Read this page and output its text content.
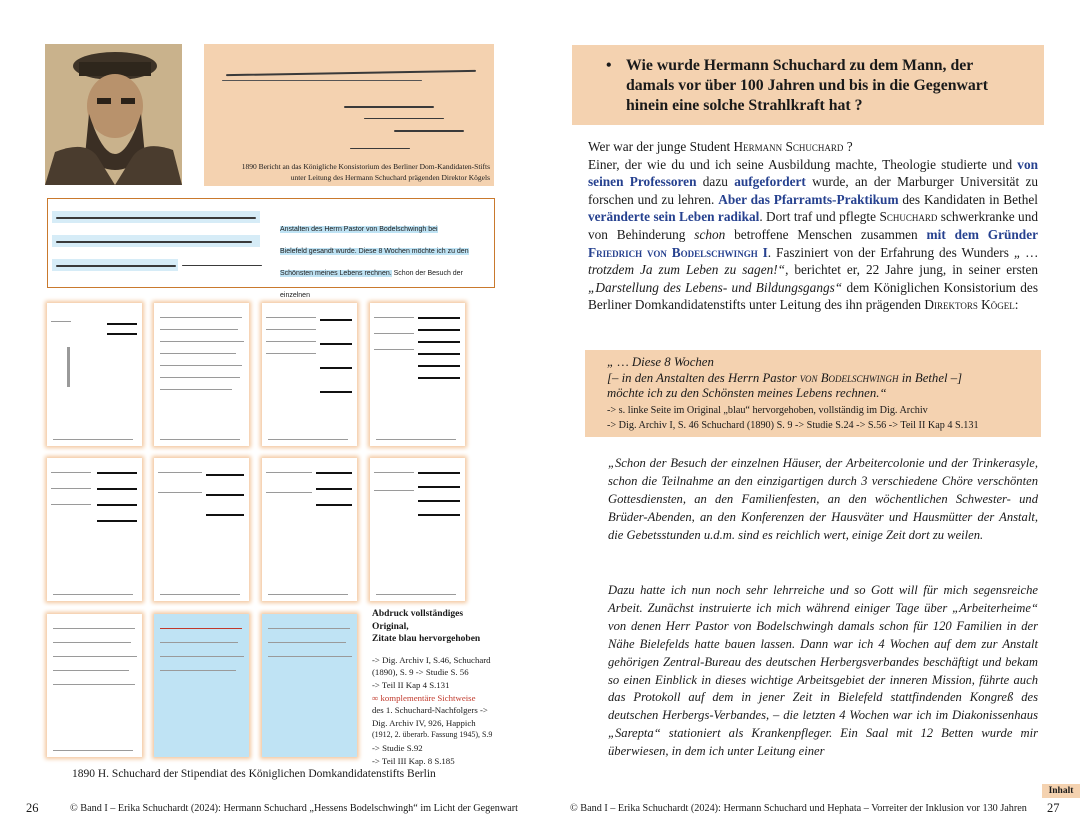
1890 Bericht an das Königliche Konsistorium des Berliner Dom-Kandidaten-Stifts
unter Leitung des Hermann Schuchard prägenden Direktor Kögels
Anstalten des Herrn Pastor von Bodelschwingh bei
Bielefeld gesandt wurde. Diese 8 Wochen möchte ich zu den
Schönsten meines Lebens rechnen. Schon der Besuch der einzelnen
Abdruck vollständiges Original,
Zitate blau hervorgehoben
-> Dig. Archiv I, S.46, Schuchard
(1890), S. 9 -> Studie S. 56
-> Teil II Kap 4 S.131
∞ komplementäre Sichtweise
des 1. Schuchard-Nachfolgers ->
Dig. Archiv IV, 926, Happich
(1912, 2. überarb. Fassung 1945), S.9
-> Studie S.92
-> Teil III Kap. 8 S.185
1890 H. Schuchard der Stipendiat des Königlichen Domkandidatenstifts Berlin
26	© Band I – Erika Schuchardt (2024): Hermann Schuchard „Hessens Bodelschwingh“ im Licht der Gegenwart
• Wie wurde Hermann Schuchard zu dem Mann, der
damals vor über 100 Jahren und bis in die Gegenwart
hinein eine solche Strahlkraft hat ?
Wer war der junge Student Hermann Schuchard ?
Einer, der wie du und ich seine Ausbildung machte, Theologie studierte und von seinen Professoren dazu aufgefordert wurde, an der Marburger Universität zu forschen und zu lehren. Aber das Pfarramts-Praktikum des Kandidaten in Bethel veränderte sein Leben radikal. Dort traf und pflegte Schuchard schwerkranke und von Behinderung schon betroffene Menschen zusammen mit dem Gründer Friedrich von Bodelschwingh I. Fasziniert von der Erfahrung des Wunders „ … trotzdem Ja zum Leben zu sagen!“, berichtet er, 22 Jahre jung, in seiner ersten „Darstellung des Lebens- und Bildungsgangs“ dem Königlichen Konsistorium des Berliner Domkandidatenstifts unter Leitung des ihn prägenden Direktors Kögel:
„ … Diese 8 Wochen
[– in den Anstalten des Herrn Pastor von Bodelschwingh in Bethel –]
möchte ich zu den Schönsten meines Lebens rechnen.“
-> s. linke Seite im Original „blau“ hervorgehoben, vollständig im Dig. Archiv
-> Dig. Archiv I, S. 46 Schuchard (1890) S. 9 -> Studie S.24 -> S.56 -> Teil II Kap 4 S.131
„Schon der Besuch der einzelnen Häuser, der Arbeitercolonie und der Trinkerasyle, schon die Teilnahme an den einzigartigen durch 3 verschiedene Chöre verschönten Gottesdiensten, an den Familienfesten, an den wöchentlichen Schwester- und Brüder-Abenden, an den Konferenzen der Hausväter und Hausmütter der Anstalt, die Gebetsstunden u.d.m. sind es reichlich wert, einige Zeit dort zu weilen.
Dazu hatte ich nun noch sehr lehrreiche und so Gott will für mich segensreiche Arbeit. Zunächst instruierte ich mich während einiger Tage über „Arbeiterheime“ von denen Herr Pastor von Bodelschwingh damals schon für 120 Familien in der Nähe Bielefelds hatte bauen lassen. Dann war ich 4 Wochen auf dem zur Anstalt gehörigen Zentral-Bureau des deutschen Herbergsverbandes beschäftigt und bekam so einen Einblick in dieses wichtige Arbeitsgebiet der inneren Mission, führte auch das Protokoll auf dem in jener Zeit in Bielefeld stattfindenden Kongreß des deutschen Herbergs-Verbandes, – die letzten 4 Wochen war ich im Diakonissenhaus „Sarepta“ stationiert als Krankenpfleger. Ein Saal mit 12 Betten wurde mir überwiesen, in dem ich unter Leitung einer
Inhalt
© Band I – Erika Schuchardt (2024): Hermann Schuchard und Hephata – Vorreiter der Inklusion vor 130 Jahren 27
